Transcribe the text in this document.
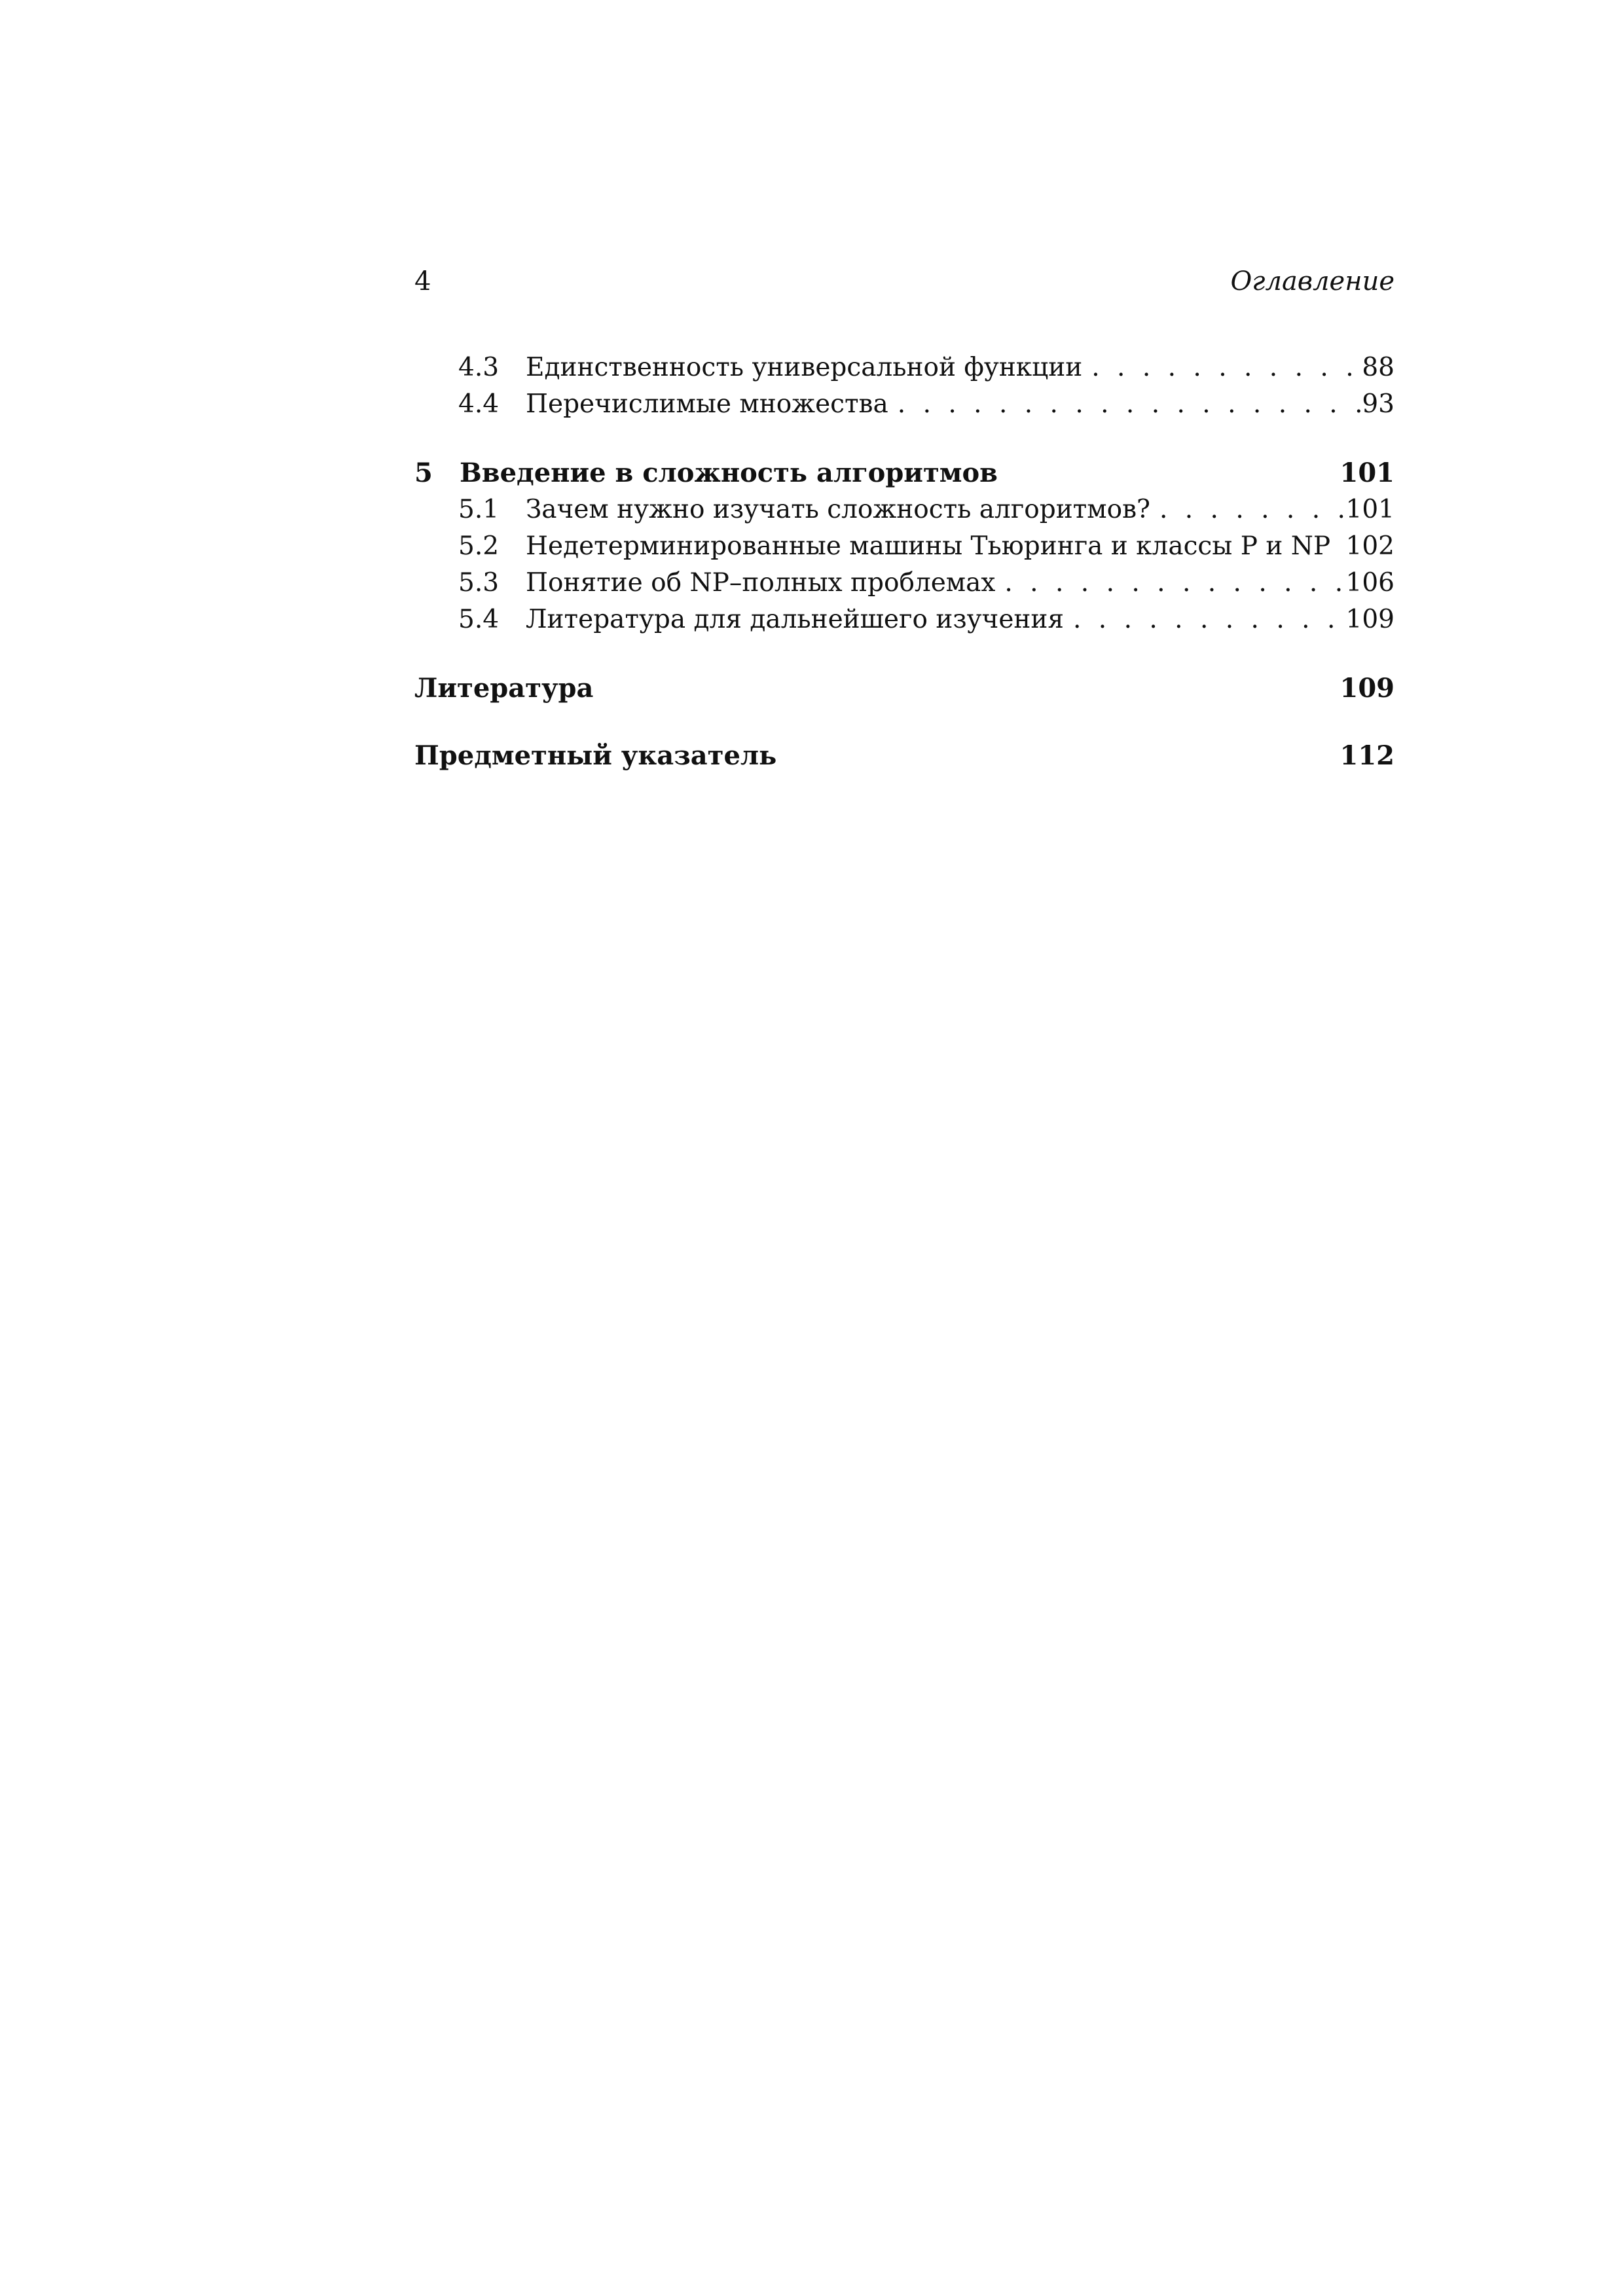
4	Оглавление
4.3 Единственность универсальной функции . . .	88
4.4 Перечислимые множества . . .	93
5 Введение в сложность алгоритмов	101
5.1 Зачем нужно изучать сложность алгоритмов? . . .	101
5.2 Недетерминированные машины Тьюринга и классы P и NP 102
5.3 Понятие об NP–полных проблемах . . .	106
5.4 Литература для дальнейшего изучения . . .	109
Литература	109
Предметный указатель	112
